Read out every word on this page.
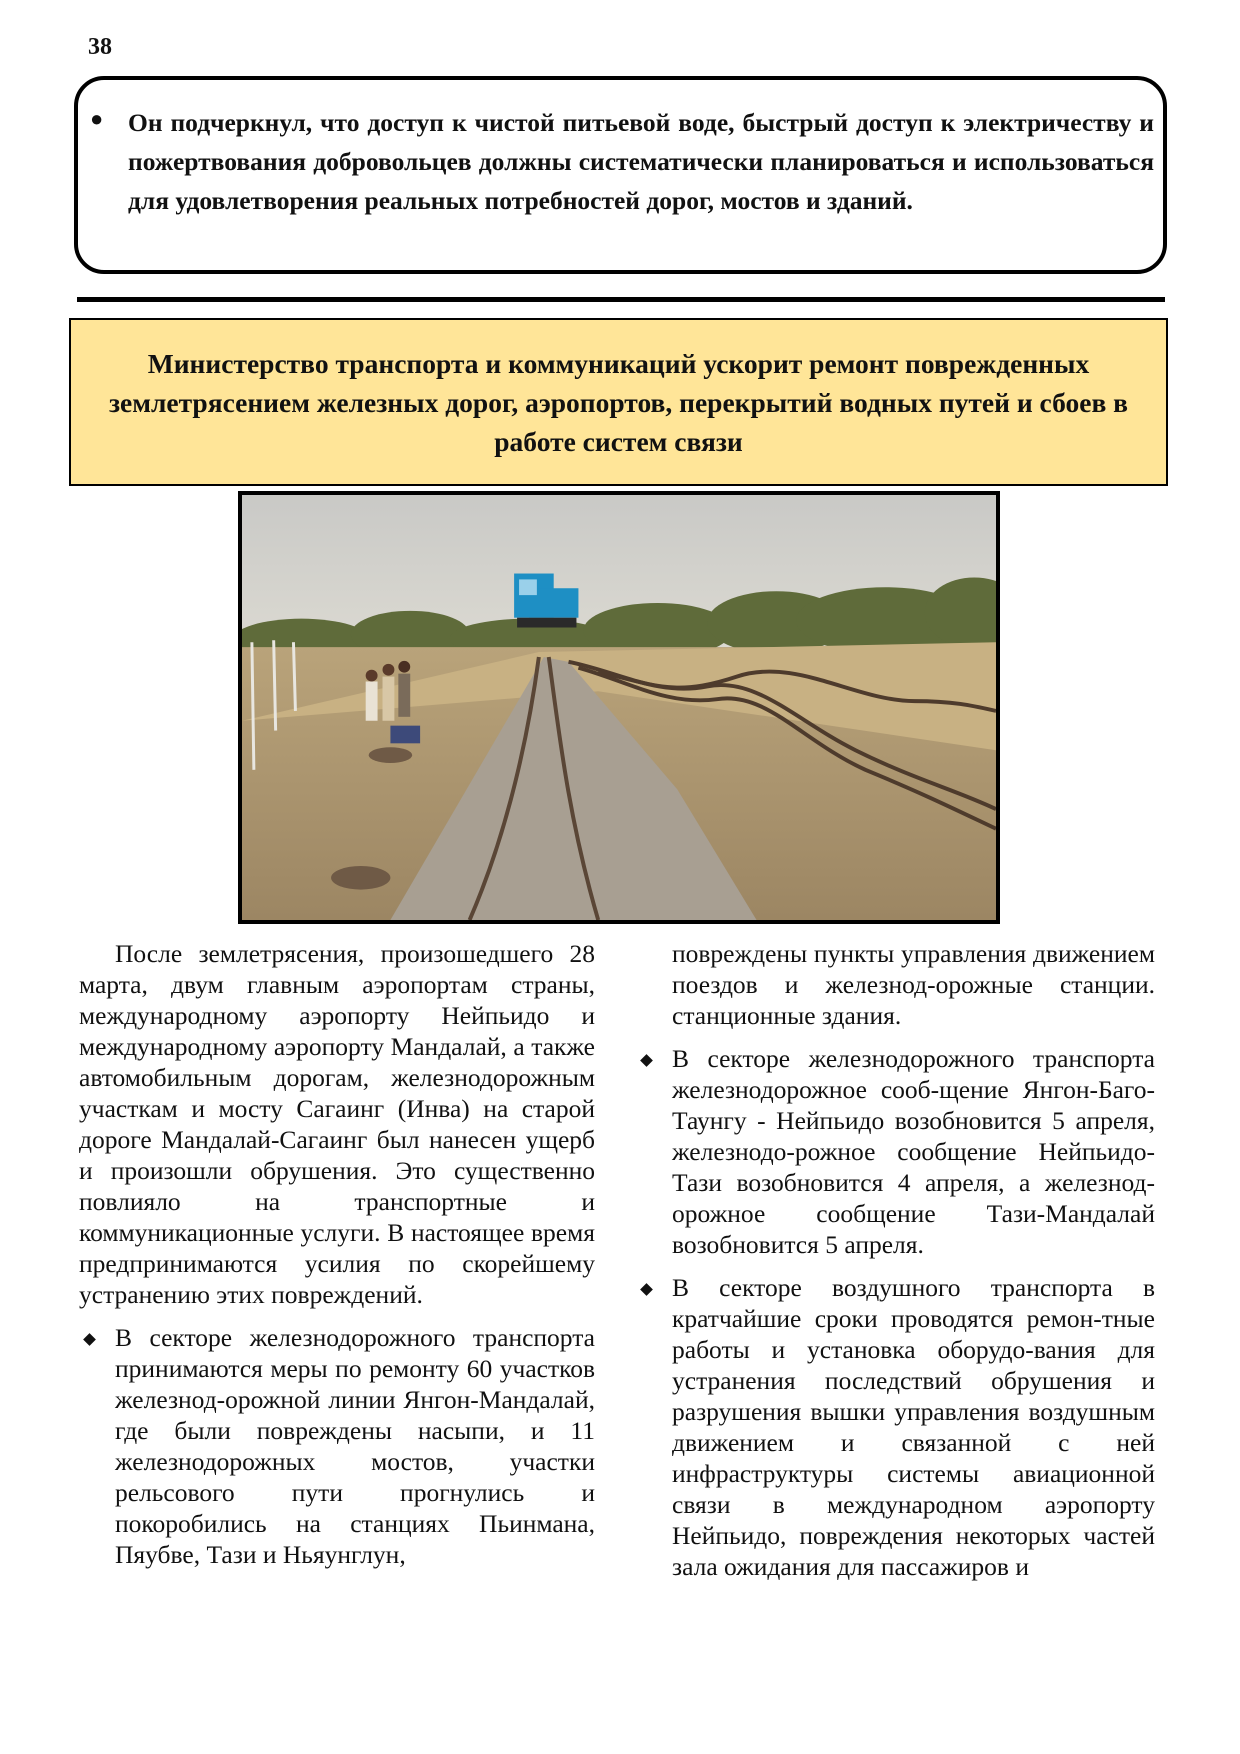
38
● Он подчеркнул, что доступ к чистой питьевой воде, быстрый доступ к электричеству и пожертвования добровольцев должны систематически планироваться и использоваться для удовлетворения реальных потребностей дорог, мостов и зданий.

Министерство транспорта и коммуникаций ускорит ремонт поврежденных землетрясением железных дорог, аэропортов, перекрытий водных путей и сбоев в работе систем связи

После землетрясения, произошедшего 28 марта, двум главным аэропортам страны, международному аэропорту Нейпьидо и международному аэропорту Мандалай, а также автомобильным дорогам, железнодорожным участкам и мосту Сагаинг (Инва) на старой дороге Мандалай-Сагаинг был нанесен ущерб и произошли обрушения. Это существенно повлияло на транспортные и коммуникационные услуги. В настоящее время предпринимаются усилия по скорейшему устранению этих повреждений.

В секторе железнодорожного транспорта принимаются меры по ремонту 60 участков железнод-орожной линии Янгон-Мандалай, где были повреждены насыпи, и 11 железнодорожных мостов, участки рельсового пути прогнулись и покоробились на станциях Пьинмана, Пяубве, Тази и Ньяунглун,

повреждены пункты управления движением поездов и железнод-орожные станции. станционные здания.

В секторе железнодорожного транспорта железнодорожное сооб-щение Янгон-Баго-Таунгу - Нейпьидо возобновится 5 апреля, железнодо-рожное сообщение Нейпьидо-Тази возобновится 4 апреля, а железнод-орожное сообщение Тази-Мандалай возобновится 5 апреля.

В секторе воздушного транспорта в кратчайшие сроки проводятся ремон-тные работы и установка оборудо-вания для устранения последствий обрушения и разрушения вышки управления воздушным движением и связанной с ней инфраструктуры системы авиационной связи в международном аэропорту Нейпьидо, повреждения некоторых частей зала ожидания для пассажиров и
